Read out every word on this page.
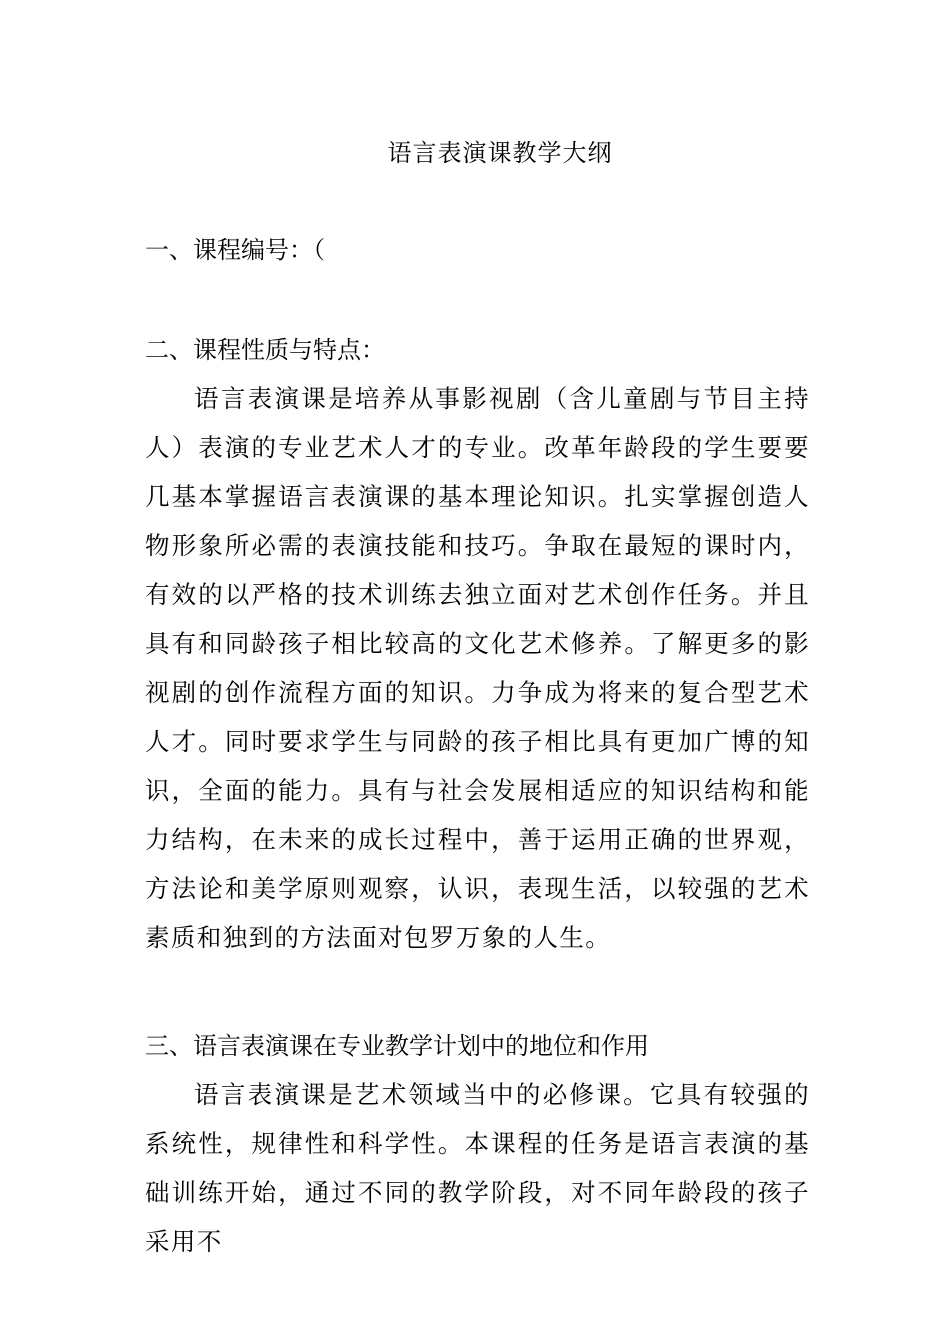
语言表演课教学大纲
一、课程编号：（
二、课程性质与特点：

语言表演课是培养从事影视剧（含儿童剧与节目主持人）表演的专业艺术人才的专业。改革年龄段的学生要要几基本掌握语言表演课的基本理论知识。扎实掌握创造人物形象所必需的表演技能和技巧。争取在最短的课时内，有效的以严格的技术训练去独立面对艺术创作任务。并且具有和同龄孩子相比较高的文化艺术修养。了解更多的影视剧的创作流程方面的知识。力争成为将来的复合型艺术人才。同时要求学生与同龄的孩子相比具有更加广博的知识，全面的能力。具有与社会发展相适应的知识结构和能力结构，在未来的成长过程中，善于运用正确的世界观，方法论和美学原则观察，认识，表现生活，以较强的艺术素质和独到的方法面对包罗万象的人生。

三、语言表演课在专业教学计划中的地位和作用

语言表演课是艺术领域当中的必修课。它具有较强的系统性，规律性和科学性。本课程的任务是语言表演的基础训练开始，通过不同的教学阶段，对不同年龄段的孩子采用不
